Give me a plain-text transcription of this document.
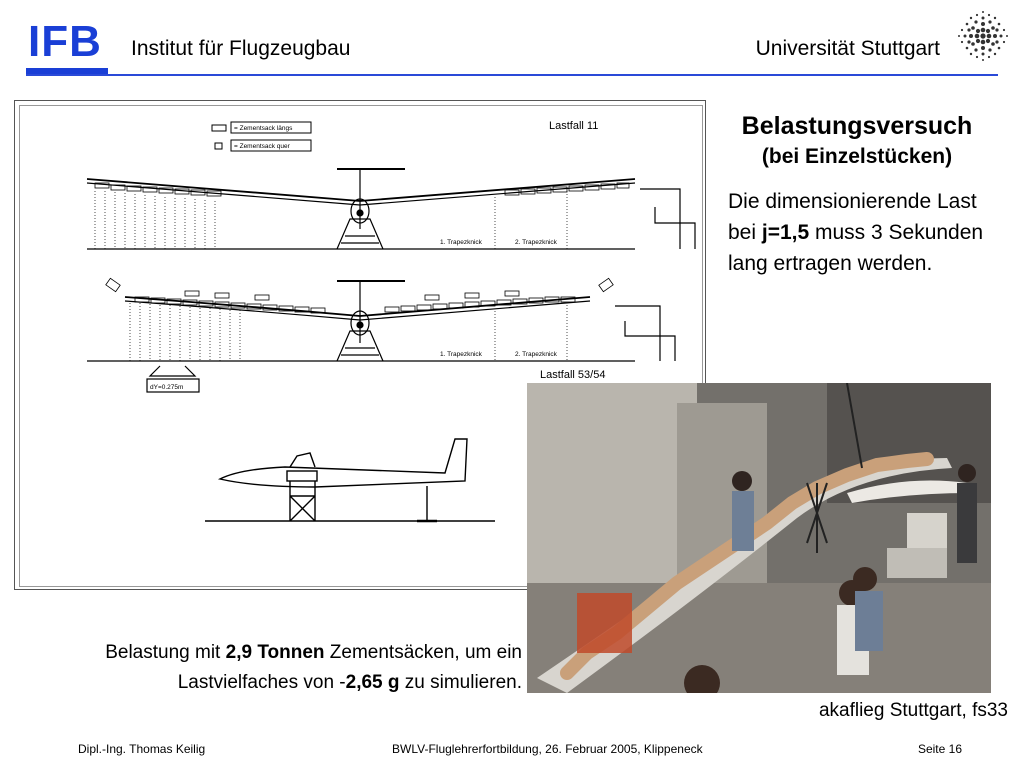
IFB Institut für Flugzeugbau	Universität Stuttgart
= Zementsack längs
= Zementsack quer
Lastfall 11
Lastfall 53/54
1. Trapezknick	2. Trapezknick
1. Trapezknick	2. Trapezknick
dY=0.275m
Belastungsversuch
(bei Einzelstücken)
Die dimensionierende Last bei j=1,5 muss 3 Sekunden lang ertragen werden.
Belastung mit 2,9 Tonnen Zementsäcken, um ein Lastvielfaches von -2,65 g zu simulieren.
akaflieg Stuttgart, fs33
Dipl.-Ing. Thomas Keilig	BWLV-Fluglehrerfortbildung, 26. Februar 2005, Klippeneck	Seite 16
